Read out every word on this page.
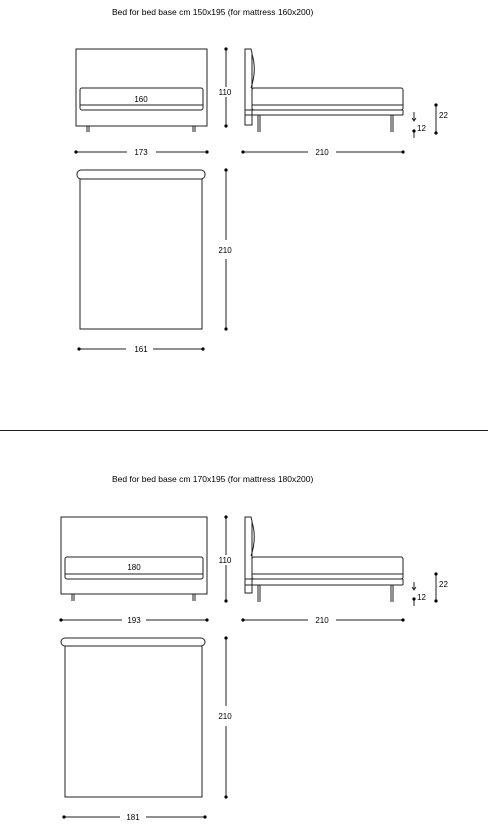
Bed for bed base cm 150x195 (for mattress 160x200)
Bed for bed base cm 170x195 (for mattress 180x200)
160
110
173	210
22
12
210
161
180
110
193	210
22
12
210
181
